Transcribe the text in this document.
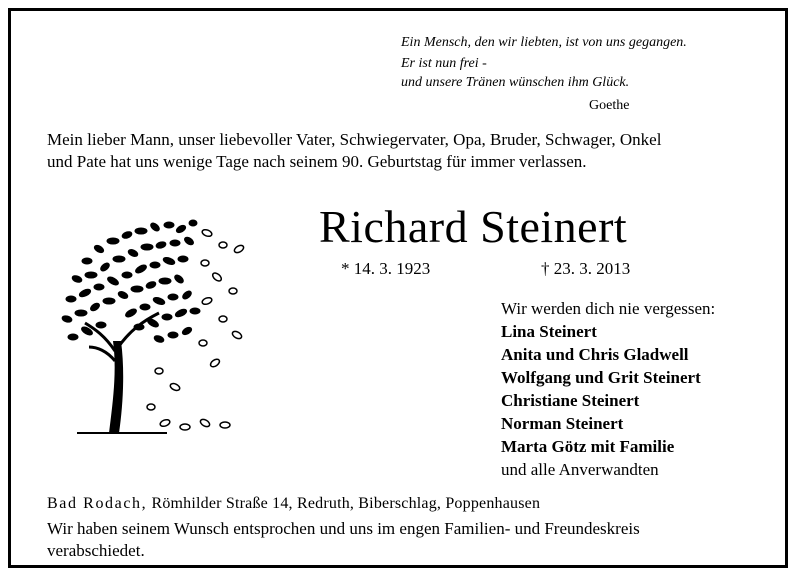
Ein Mensch, den wir liebten, ist von uns gegangen.
Er ist nun frei -
und unsere Tränen wünschen ihm Glück.
Goethe
Mein lieber Mann, unser liebevoller Vater, Schwiegervater, Opa, Bruder, Schwager, Onkel
und Pate hat uns wenige Tage nach seinem 90. Geburtstag für immer verlassen.
Richard Steinert
* 14. 3. 1923	† 23. 3. 2013
Wir werden dich nie vergessen:
Lina Steinert
Anita und Chris Gladwell
Wolfgang und Grit Steinert
Christiane Steinert
Norman Steinert
Marta Götz mit Familie
und alle Anverwandten
Bad Rodach, Römhilder Straße 14, Redruth, Biberschlag, Poppenhausen
Wir haben seinem Wunsch entsprochen und uns im engen Familien- und Freundeskreis
verabschiedet.
